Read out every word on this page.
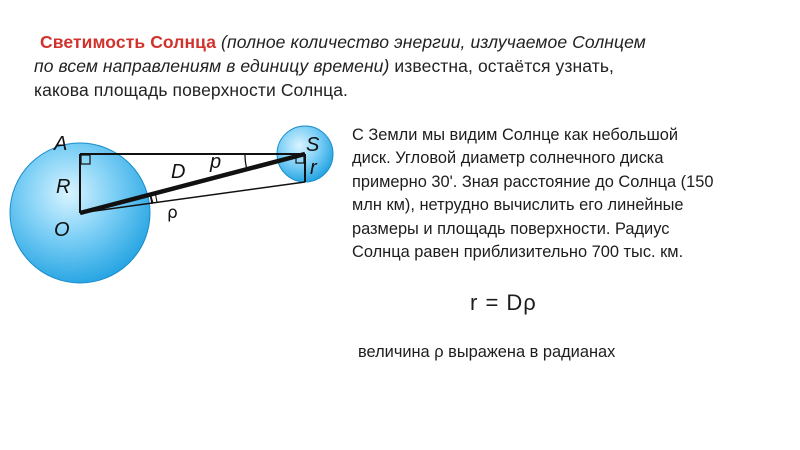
Светимость Солнца (полное количество энергии, излучаемое Солнцем
по всем направлениям в единицу времени) известна, остаётся узнать,
какова площадь поверхности Солнца.
A
R
O
D p
ρ
S
r
С Земли мы видим Солнце как небольшой
диск. Угловой диаметр солнечного диска
примерно 30'. Зная расстояние до Солнца (150
млн км), нетрудно вычислить его линейные
размеры и площадь поверхности. Радиус
Солнца равен приблизительно 700 тыс. км.
r = Dρ
величина ρ выражена в радианах
